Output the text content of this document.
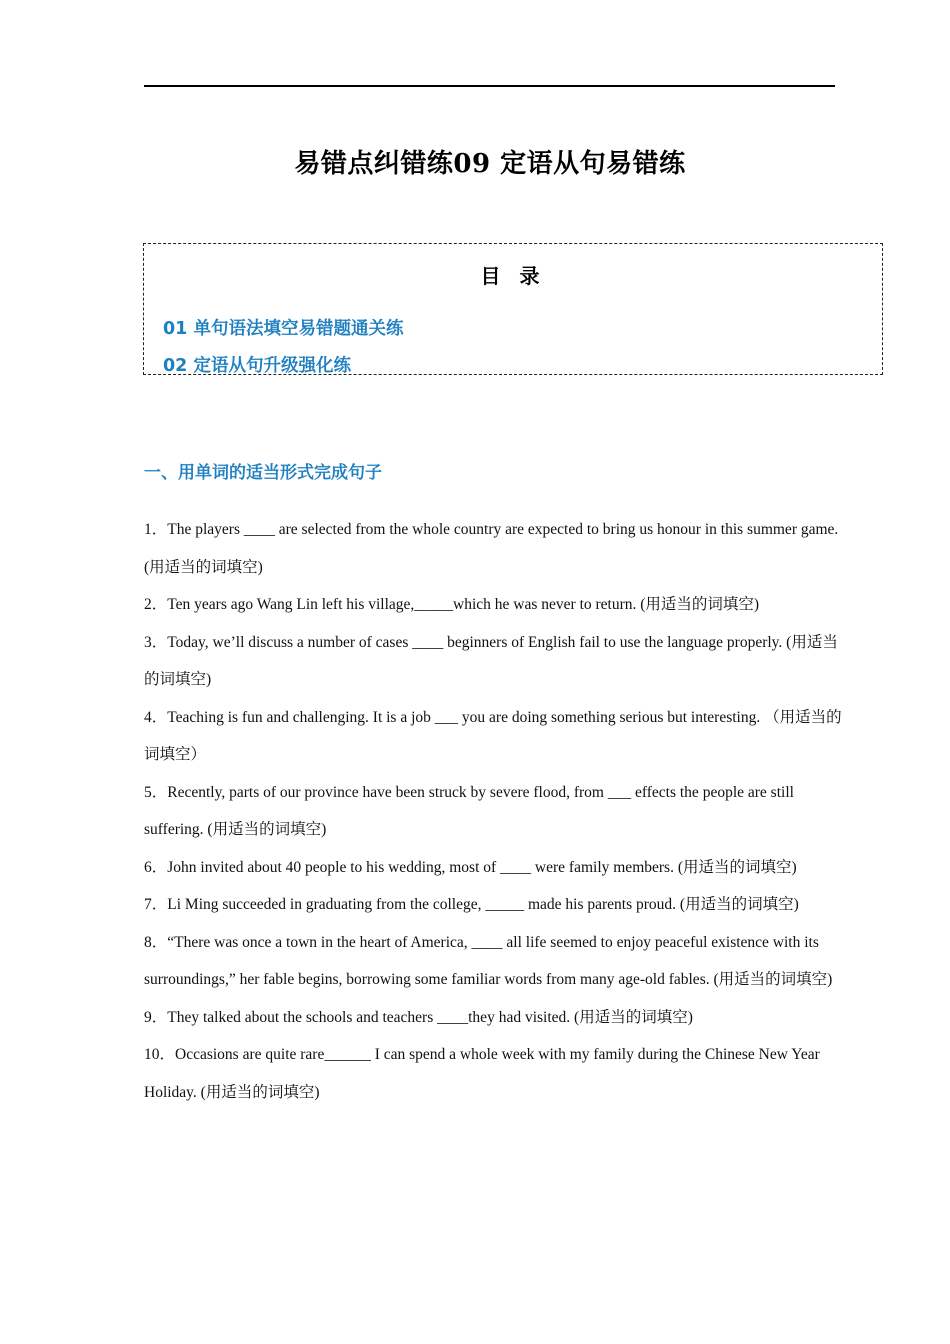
易错点纠错练09 定语从句易错练
目 录
01 单句语法填空易错题通关练
02 定语从句升级强化练
一、用单词的适当形式完成句子

1．The players ____ are selected from the whole country are expected to bring us honour in this summer game. (用适当的词填空)

2．Ten years ago Wang Lin left his village,_____which he was never to return. (用适当的词填空)

3．Today, we’ll discuss a number of cases ____ beginners of English fail to use the language properly. (用适当的词填空)

4．Teaching is fun and challenging. It is a job ___ you are doing something serious but interesting. （用适当的词填空）

5．Recently, parts of our province have been struck by severe flood, from ___ effects the people are still suffering. (用适当的词填空)

6．John invited about 40 people to his wedding, most of ____ were family members. (用适当的词填空)

7．Li Ming succeeded in graduating from the college, _____ made his parents proud. (用适当的词填空)

8．“There was once a town in the heart of America, ____ all life seemed to enjoy peaceful existence with its surroundings,” her fable begins, borrowing some familiar words from many age-old fables. (用适当的词填空)

9．They talked about the schools and teachers ____they had visited. (用适当的词填空)

10．Occasions are quite rare______ I can spend a whole week with my family during the Chinese New Year Holiday. (用适当的词填空)
